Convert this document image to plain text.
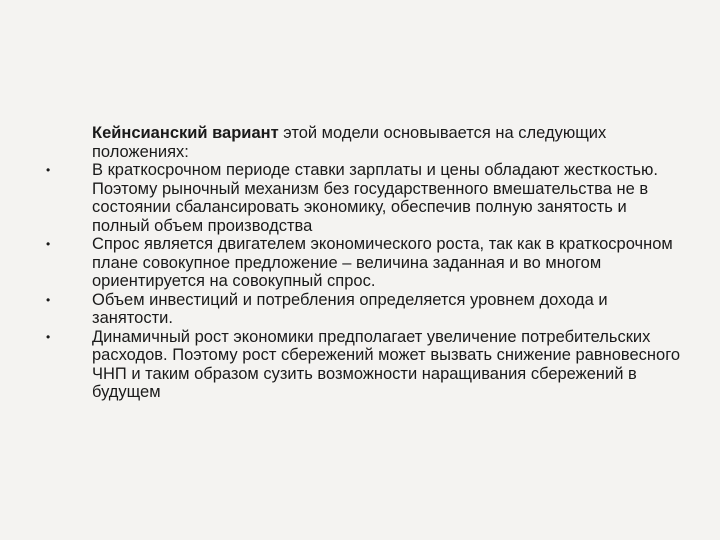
Кейнсианский вариант этой модели основывается на следующих положениях:

•	В краткосрочном периоде ставки зарплаты и цены обладают жесткостью. Поэтому рыночный механизм без государственного вмешательства не в состоянии сбалансировать экономику, обеспечив полную занятость и полный объем производства
•	Спрос является двигателем экономического роста, так как в краткосрочном плане совокупное предложение – величина заданная и во многом ориентируется на совокупный спрос.
•	Объем инвестиций и потребления определяется уровнем дохода и занятости.
•	Динамичный рост экономики предполагает увеличение потребительских расходов. Поэтому рост сбережений может вызвать снижение равновесного ЧНП и таким образом сузить возможности наращивания сбережений в будущем
